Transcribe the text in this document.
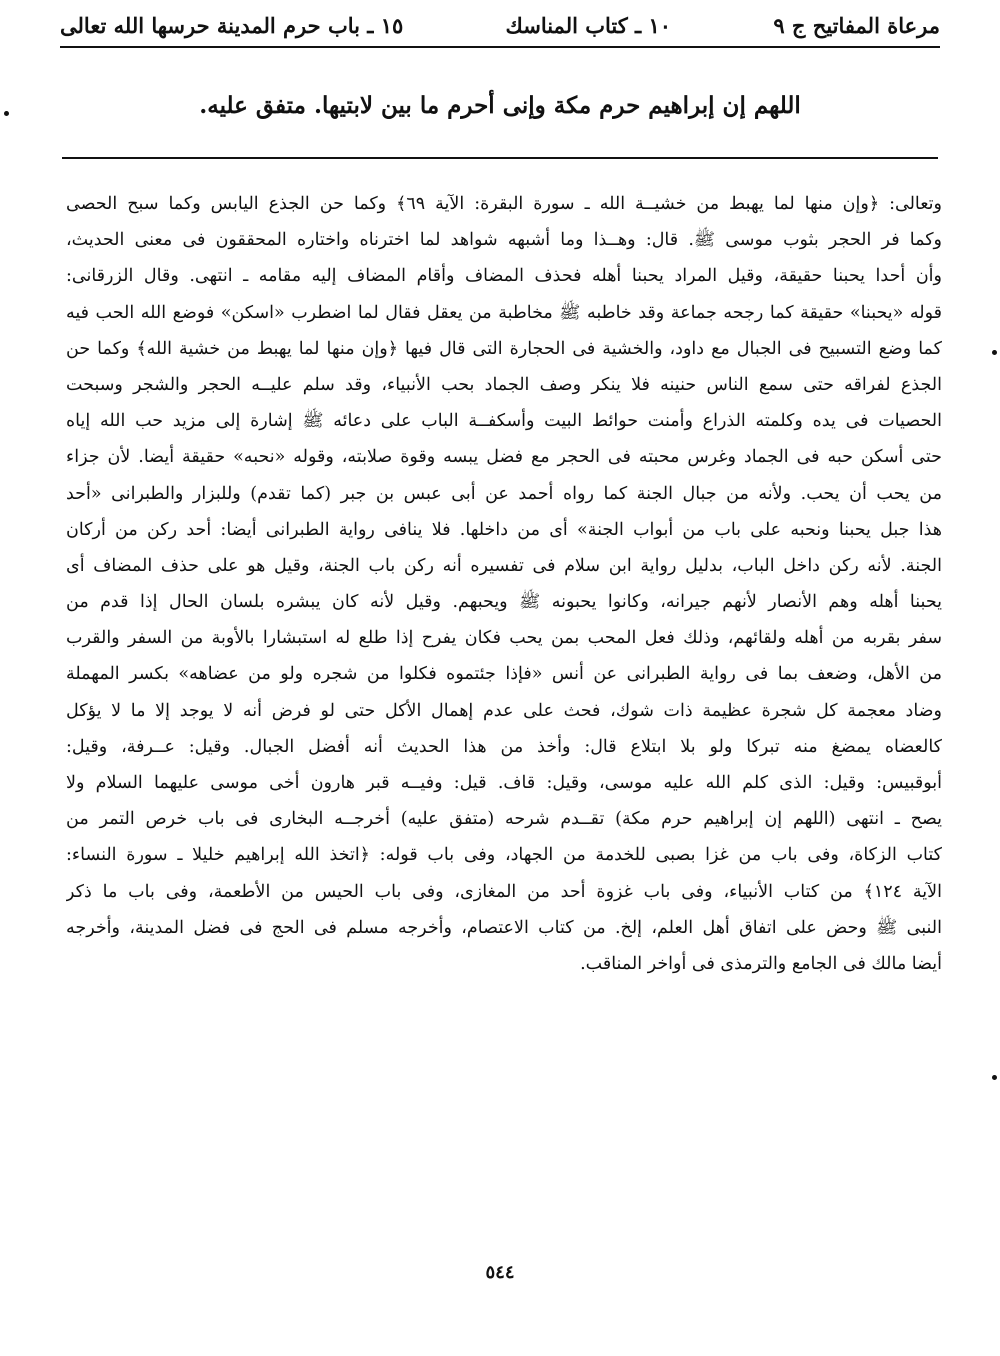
مرعاة المفاتيح ج ٩
١٠ ـ كتاب المناسك
١٥ ـ باب حرم المدينة حرسها الله تعالى
اللهم إن إبراهيم حرم مكة وإنى أحرم ما بين لابتيها. متفق عليه.
وتعالى: ﴿وإن منها لما يهبط من خشيــة الله ـ سورة البقرة: الآية ٦٩﴾ وكما حن الجذع اليابس وكما سبح الحصى
وكما فر الحجر بثوب موسى ﷺ. قال: وهــذا وما أشبهه شواهد لما اخترناه واختاره المحققون فى معنى الحديث،
وأن أحدا يحبنا حقيقة، وقيل المراد يحبنا أهله فحذف المضاف وأقام المضاف إليه مقامه ـ انتهى. وقال الزرقانى:
قوله «يحبنا» حقيقة كما رجحه جماعة وقد خاطبه ﷺ مخاطبة من يعقل فقال لما اضطرب «اسكن» فوضع الله الحب فيه
كما وضع التسبيح فى الجبال مع داود، والخشية فى الحجارة التى قال فيها ﴿وإن منها لما يهبط من خشية الله﴾ وكما حن
الجذع لفراقه حتى سمع الناس حنينه فلا ينكر وصف الجماد بحب الأنبياء، وقد سلم عليــه الحجر والشجر وسبحت
الحصيات فى يده وكلمته الذراع وأمنت حوائط البيت وأسكفــة الباب على دعائه ﷺ إشارة إلى مزيد حب الله إياه
حتى أسكن حبه فى الجماد وغرس محبته فى الحجر مع فضل يبسه وقوة صلابته، وقوله «نحبه» حقيقة أيضا. لأن جزاء
من يحب أن يحب. ولأنه من جبال الجنة كما رواه أحمد عن أبى عبس بن جبر (كما تقدم) وللبزار والطبرانى «أحد
هذا جبل يحبنا ونحبه على باب من أبواب الجنة» أى من داخلها. فلا ينافى رواية الطبرانى أيضا: أحد ركن من أركان
الجنة. لأنه ركن داخل الباب، بدليل رواية ابن سلام فى تفسيره أنه ركن باب الجنة، وقيل هو على حذف المضاف أى
يحبنا أهله وهم الأنصار لأنهم جيرانه، وكانوا يحبونه ﷺ ويحبهم. وقيل لأنه كان يبشره بلسان الحال إذا قدم من
سفر بقربه من أهله ولقائهم، وذلك فعل المحب بمن يحب فكان يفرح إذا طلع له استبشارا بالأوبة من السفر والقرب
من الأهل، وضعف بما فى رواية الطبرانى عن أنس «فإذا جئتموه فكلوا من شجره ولو من عضاهه» بكسر المهملة
وضاد معجمة كل شجرة عظيمة ذات شوك، فحث على عدم إهمال الأكل حتى لو فرض أنه لا يوجد إلا ما لا يؤكل
كالعضاه يمضغ منه تبركا ولو بلا ابتلاع قال: وأخذ من هذا الحديث أنه أفضل الجبال. وقيل: عــرفة، وقيل:
أبوقبيس: وقيل: الذى كلم الله عليه موسى، وقيل: قاف. قيل: وفيــه قبر هارون أخى موسى عليهما السلام ولا
يصح ـ انتهى (اللهم إن إبراهيم حرم مكة) تقــدم شرحه (متفق عليه) أخرجــه البخارى فى باب خرص التمر من
كتاب الزكاة، وفى باب من غزا بصبى للخدمة من الجهاد، وفى باب قوله: ﴿اتخذ الله إبراهيم خليلا ـ سورة النساء:
الآية ١٢٤﴾ من كتاب الأنبياء، وفى باب غزوة أحد من المغازى، وفى باب الحيس من الأطعمة، وفى باب ما ذكر
النبى ﷺ وحض على اتفاق أهل العلم، إلخ. من كتاب الاعتصام، وأخرجه مسلم فى الحج فى فضل المدينة، وأخرجه
أيضا مالك فى الجامع والترمذى فى أواخر المناقب.
٥٤٤
